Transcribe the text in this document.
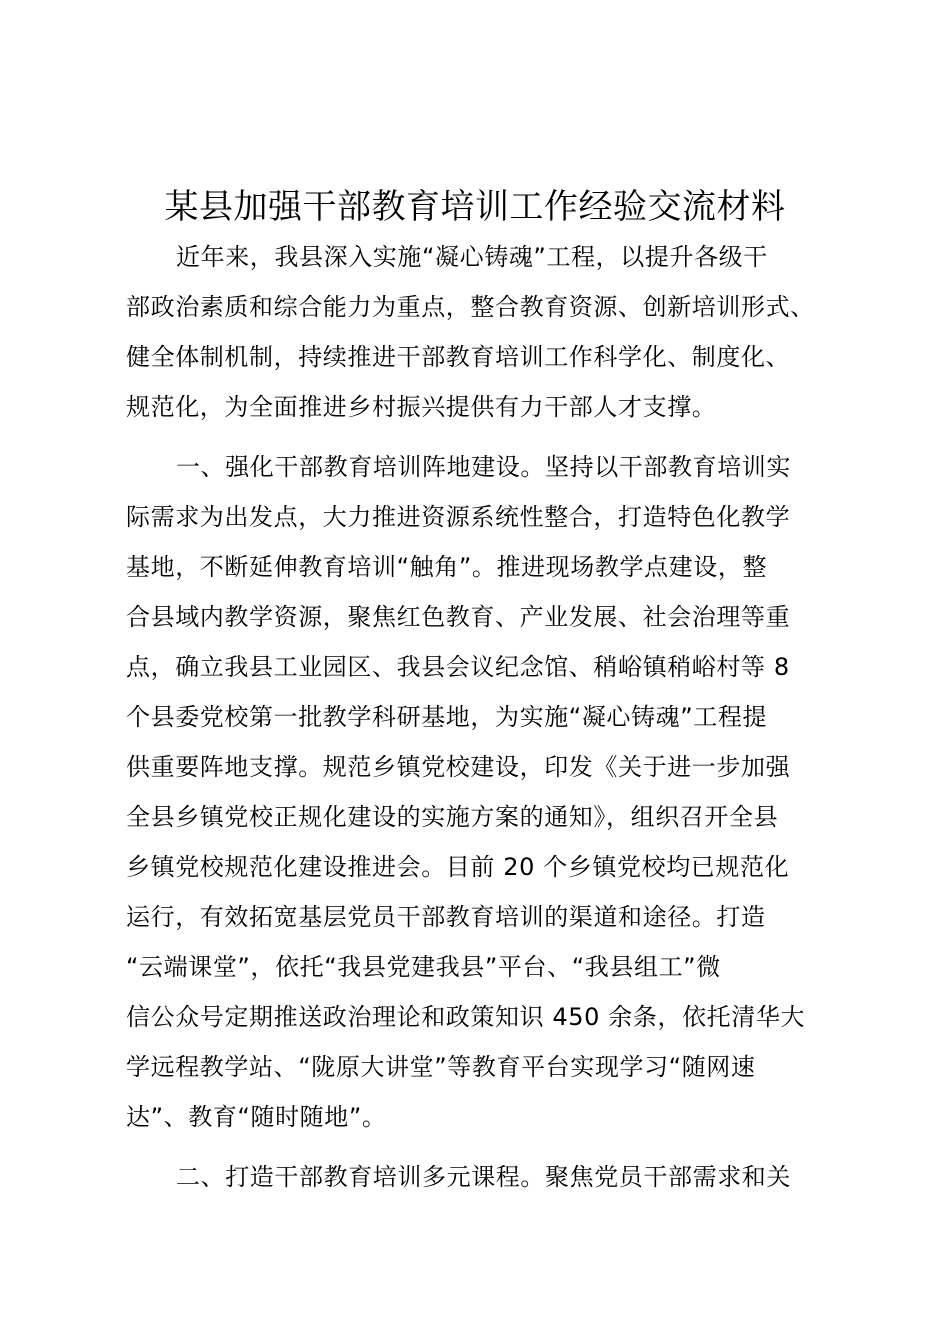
某县加强干部教育培训工作经验交流材料
近年来，我县深入实施“凝心铸魂”工程，以提升各级干
部政治素质和综合能力为重点，整合教育资源、创新培训形式、
健全体制机制，持续推进干部教育培训工作科学化、制度化、
规范化，为全面推进乡村振兴提供有力干部人才支撑。
一、强化干部教育培训阵地建设。坚持以干部教育培训实
际需求为出发点，大力推进资源系统性整合，打造特色化教学
基地，不断延伸教育培训“触角”。推进现场教学点建设，整
合县域内教学资源，聚焦红色教育、产业发展、社会治理等重
点，确立我县工业园区、我县会议纪念馆、稍峪镇稍峪村等 8
个县委党校第一批教学科研基地，为实施“凝心铸魂”工程提
供重要阵地支撑。规范乡镇党校建设，印发《关于进一步加强
全县乡镇党校正规化建设的实施方案的通知》，组织召开全县
乡镇党校规范化建设推进会。目前 20 个乡镇党校均已规范化
运行，有效拓宽基层党员干部教育培训的渠道和途径。打造
“云端课堂”，依托“我县党建我县”平台、“我县组工”微
信公众号定期推送政治理论和政策知识 450 余条，依托清华大
学远程教学站、“陇原大讲堂”等教育平台实现学习“随网速
达”、教育“随时随地”。
二、打造干部教育培训多元课程。聚焦党员干部需求和关
